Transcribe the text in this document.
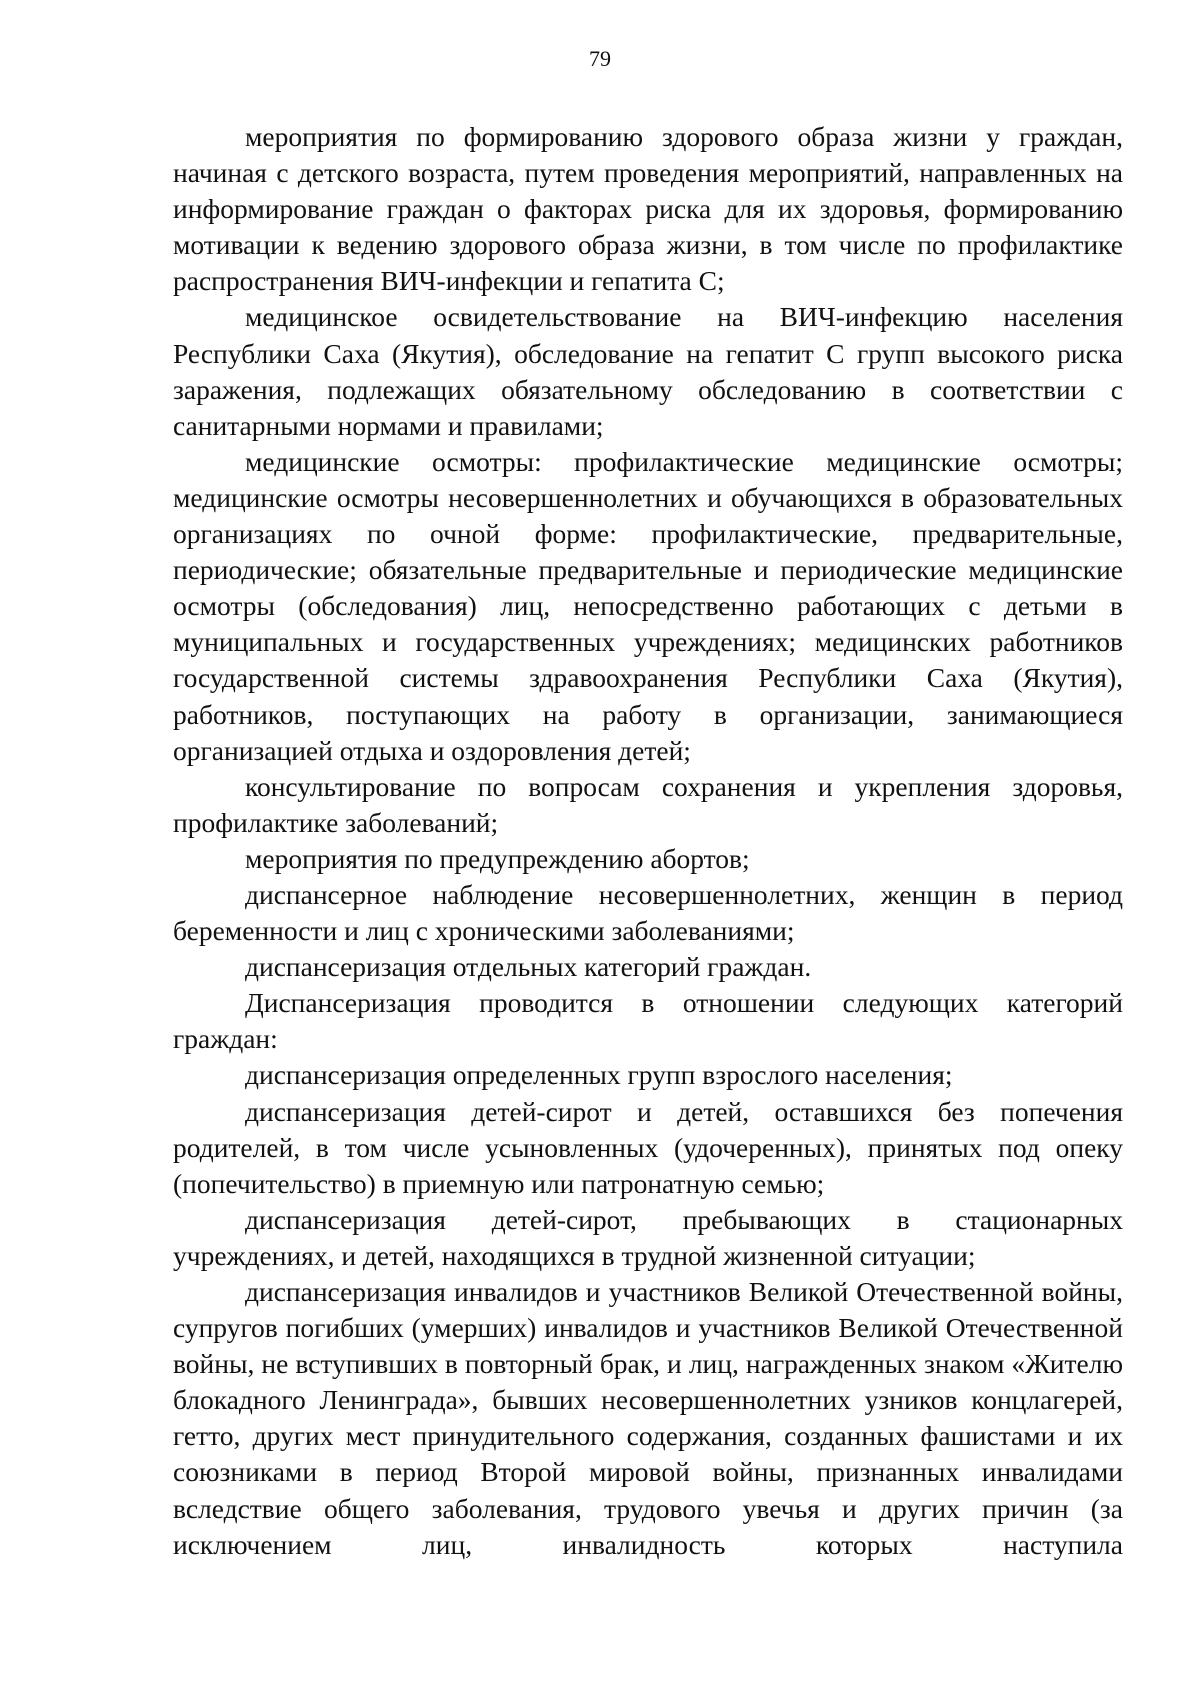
79

мероприятия по формированию здорового образа жизни у граждан, начиная с детского возраста, путем проведения мероприятий, направленных на информирование граждан о факторах риска для их здоровья, формированию мотивации к ведению здорового образа жизни, в том числе по профилактике распространения ВИЧ-инфекции и гепатита С;

медицинское освидетельствование на ВИЧ-инфекцию населения Республики Саха (Якутия), обследование на гепатит С групп высокого риска заражения, подлежащих обязательному обследованию в соответствии с санитарными нормами и правилами;

медицинские осмотры: профилактические медицинские осмотры; медицинские осмотры несовершеннолетних и обучающихся в образовательных организациях по очной форме: профилактические, предварительные, периодические; обязательные предварительные и периодические медицинские осмотры (обследования) лиц, непосредственно работающих с детьми в муниципальных и государственных учреждениях; медицинских работников государственной системы здравоохранения Республики Саха (Якутия), работников, поступающих на работу в организации, занимающиеся организацией отдыха и оздоровления детей;

консультирование по вопросам сохранения и укрепления здоровья, профилактике заболеваний;

мероприятия по предупреждению абортов;

диспансерное наблюдение несовершеннолетних, женщин в период беременности и лиц с хроническими заболеваниями;

диспансеризация отдельных категорий граждан.

Диспансеризация проводится в отношении следующих категорий граждан:

диспансеризация определенных групп взрослого населения;

диспансеризация детей-сирот и детей, оставшихся без попечения родителей, в том числе усыновленных (удочеренных), принятых под опеку (попечительство) в приемную или патронатную семью;

диспансеризация детей-сирот, пребывающих в стационарных учреждениях, и детей, находящихся в трудной жизненной ситуации;

диспансеризация инвалидов и участников Великой Отечественной войны, супругов погибших (умерших) инвалидов и участников Великой Отечественной войны, не вступивших в повторный брак, и лиц, награжденных знаком «Жителю блокадного Ленинграда», бывших несовершеннолетних узников концлагерей, гетто, других мест принудительного содержания, созданных фашистами и их союзниками в период Второй мировой войны, признанных инвалидами вследствие общего заболевания, трудового увечья и других причин (за исключением лиц, инвалидность которых наступила
